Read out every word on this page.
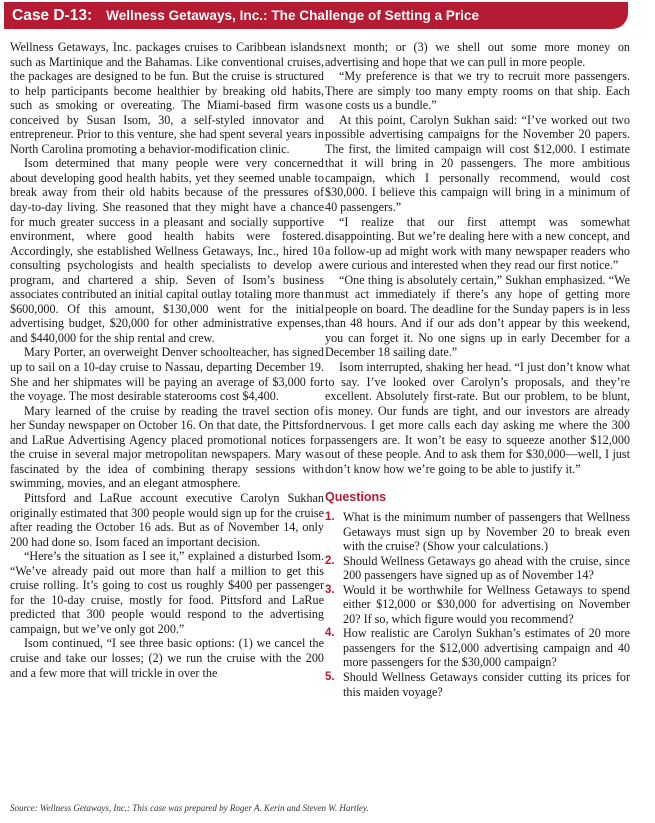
Case D-13: Wellness Getaways, Inc.: The Challenge of Setting a Price

Wellness Getaways, Inc. packages cruises to Caribbean islands such as Martinique and the Bahamas. Like conventional cruises, the packages are designed to be fun. But the cruise is structured to help participants become healthier by breaking old habits, such as smoking or overeating. The Miami-based firm was conceived by Susan Isom, 30, a self-styled innovator and entrepreneur. Prior to this venture, she had spent several years in North Carolina promoting a behavior-modification clinic.

Isom determined that many people were very concerned about developing good health habits, yet they seemed unable to break away from their old habits because of the pressures of day-to-day living. She reasoned that they might have a chance for much greater success in a pleasant and socially supportive environment, where good health habits were fostered. Accordingly, she established Wellness Getaways, Inc., hired 10 consulting psychologists and health specialists to develop a program, and chartered a ship. Seven of Isom’s business associates contributed an initial capital outlay totaling more than $600,000. Of this amount, $130,000 went for the initial advertising budget, $20,000 for other administrative expenses, and $440,000 for the ship rental and crew.

Mary Porter, an overweight Denver schoolteacher, has signed up to sail on a 10-day cruise to Nassau, departing December 19. She and her shipmates will be paying an average of $3,000 for the voyage. The most desirable staterooms cost $4,400.

Mary learned of the cruise by reading the travel section of her Sunday newspaper on October 16. On that date, the Pittsford and LaRue Advertising Agency placed promotional notices for the cruise in several major metropolitan newspapers. Mary was fascinated by the idea of combining therapy sessions with swimming, movies, and an elegant atmosphere.

Pittsford and LaRue account executive Carolyn Sukhan originally estimated that 300 people would sign up for the cruise after reading the October 16 ads. But as of November 14, only 200 had done so. Isom faced an important decision.

“Here’s the situation as I see it,” explained a disturbed Isom. “We’ve already paid out more than half a million to get this cruise rolling. It’s going to cost us roughly $400 per passenger for the 10-day cruise, mostly for food. Pittsford and LaRue predicted that 300 people would respond to the advertising campaign, but we’ve only got 200.”

Isom continued, “I see three basic options: (1) we cancel the cruise and take our losses; (2) we run the cruise with the 200 and a few more that will trickle in over the

next month; or (3) we shell out some more money on advertising and hope that we can pull in more people.

“My preference is that we try to recruit more passengers. There are simply too many empty rooms on that ship. Each one costs us a bundle.”

At this point, Carolyn Sukhan said: “I’ve worked out two possible advertising campaigns for the November 20 papers. The first, the limited campaign will cost $12,000. I estimate that it will bring in 20 passengers. The more ambitious campaign, which I personally recommend, would cost $30,000. I believe this campaign will bring in a minimum of 40 passengers.”

“I realize that our first attempt was somewhat disappointing. But we’re dealing here with a new concept, and a follow-up ad might work with many newspaper readers who were curious and interested when they read our first notice.”

“One thing is absolutely certain,” Sukhan emphasized. “We must act immediately if there’s any hope of getting more people on board. The deadline for the Sunday papers is in less than 48 hours. And if our ads don’t appear by this weekend, you can forget it. No one signs up in early December for a December 18 sailing date.”

Isom interrupted, shaking her head. “I just don’t know what to say. I’ve looked over Carolyn’s proposals, and they’re excellent. Absolutely first-rate. But our problem, to be blunt, is money. Our funds are tight, and our investors are already nervous. I get more calls each day asking me where the 300 passengers are. It won’t be easy to squeeze another $12,000 out of these people. And to ask them for $30,000—well, I just don’t know how we’re going to be able to justify it.”

Questions
1. What is the minimum number of passengers that Wellness Getaways must sign up by November 20 to break even with the cruise? (Show your calculations.)
2. Should Wellness Getaways go ahead with the cruise, since 200 passengers have signed up as of November 14?
3. Would it be worthwhile for Wellness Getaways to spend either $12,000 or $30,000 for advertising on November 20? If so, which figure would you recommend?
4. How realistic are Carolyn Sukhan’s estimates of 20 more passengers for the $12,000 advertising campaign and 40 more passengers for the $30,000 campaign?
5. Should Wellness Getaways consider cutting its prices for this maiden voyage?
Source: Wellness Getaways, Inc.: This case was prepared by Roger A. Kerin and Steven W. Hartley.
